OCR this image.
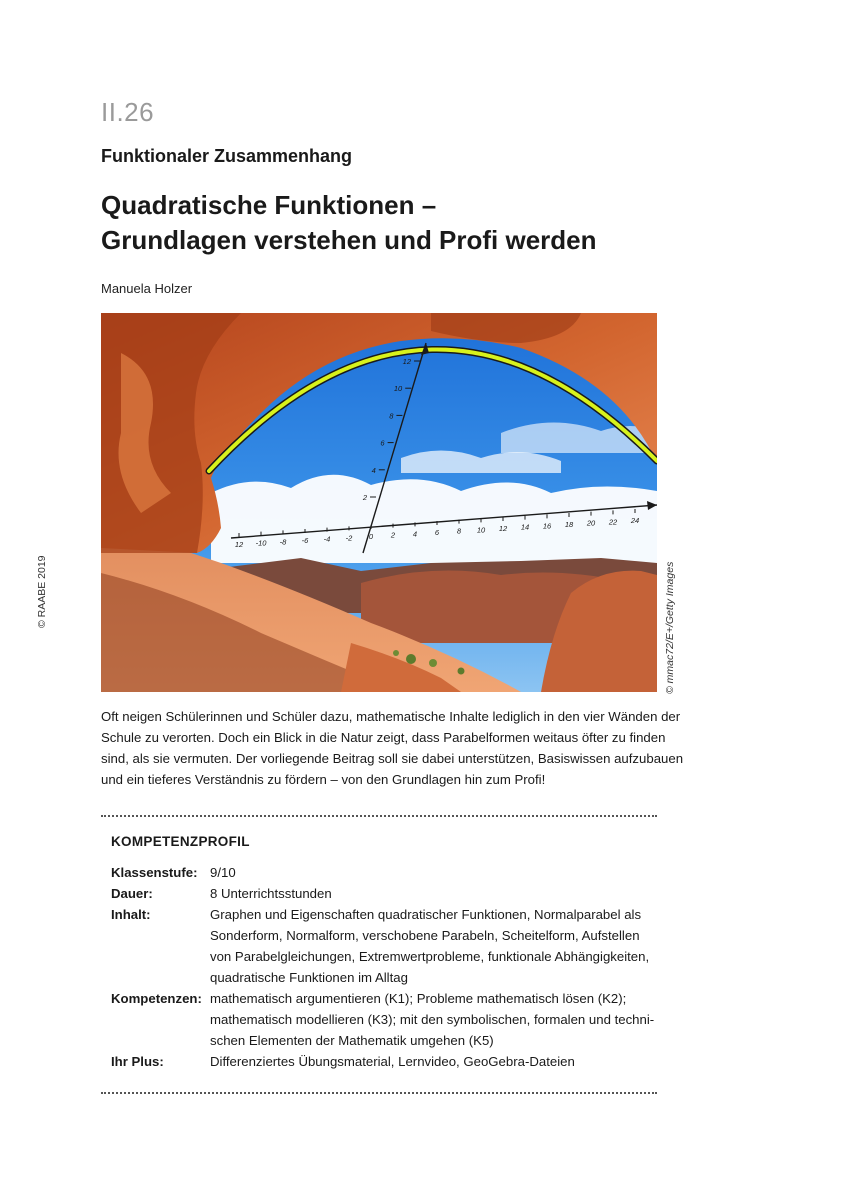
II.26
Funktionaler Zusammenhang
Quadratische Funktionen –
Grundlagen verstehen und Profi werden
Manuela Holzer
12 -10 -8 -6 -4 -2 0 2 4 6 8 10 12 14 16 18 20 22 24
2
4
6
8
10
12
© mmac72/E+/Getty Images
© RAABE 2019
Oft neigen Schülerinnen und Schüler dazu, mathematische Inhalte lediglich in den vier Wänden der
Schule zu verorten. Doch ein Blick in die Natur zeigt, dass Parabelformen weitaus öfter zu finden
sind, als sie vermuten. Der vorliegende Beitrag soll sie dabei unterstützen, Basiswissen aufzubauen
und ein tieferes Verständnis zu fördern – von den Grundlagen hin zum Profi!
KOMPETENZPROFIL
Klassenstufe: 9/10
Dauer:	8 Unterrichtsstunden
Inhalt:	Graphen und Eigenschaften quadratischer Funktionen, Normalparabel als
Sonderform, Normalform, verschobene Parabeln, Scheitelform, Aufstellen
von Parabelgleichungen, Extremwertprobleme, funktionale Abhängigkeiten,
quadratische Funktionen im Alltag
Kompetenzen: mathematisch argumentieren (K1); Probleme mathematisch lösen (K2);
mathematisch modellieren (K3); mit den symbolischen, formalen und techni-
schen Elementen der Mathematik umgehen (K5)
Ihr Plus:	Differenziertes Übungsmaterial, Lernvideo, GeoGebra-Dateien
